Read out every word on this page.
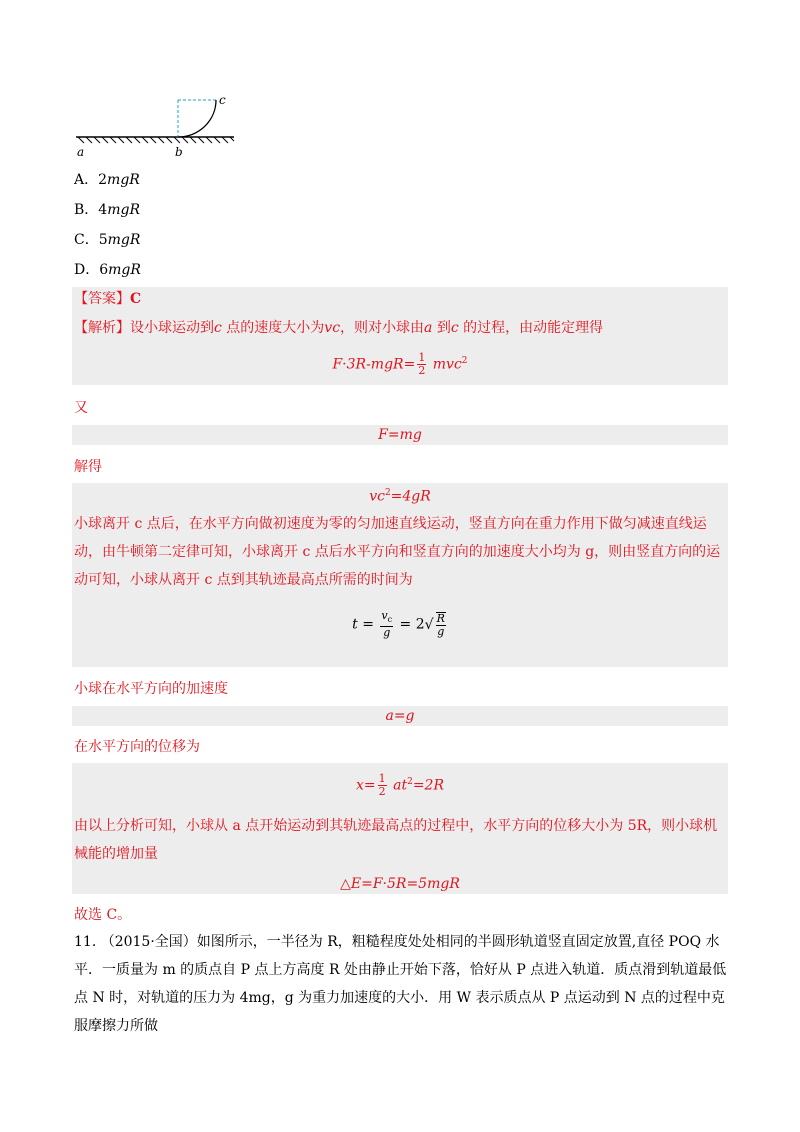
a	b
c
A．2mgR
B．4mgR
C．5mgR
D．6mgR
【答案】C
【解析】设小球运动到c 点的速度大小为vc，则对小球由a 到c 的过程，由动能定理得
$F\cdot 3R-mgR= \frac{1}{2} mvc^2$
又
F=mg
解得
$vc^2=4gR$
小球离开 c 点后，在水平方向做初速度为零的匀加速直线运动，竖直方向在重力作用下做匀减速直线运动，由牛顿第二定律可知，小球离开 c 点后水平方向和竖直方向的加速度大小均为 g，则由竖直方向的运动可知，小球从离开 c 点到其轨迹最高点所需的时间为
$t = \frac{v_c}{g} = 2√ \frac{R}{g}$
小球在水平方向的加速度
a=g
在水平方向的位移为
$x= \frac{1}{2} at^2=2R$
由以上分析可知，小球从 a 点开始运动到其轨迹最高点的过程中，水平方向的位移大小为 5R，则小球机械能的增加量
△E=F·5R=5mgR
故选 C。
11. （2015·全国）如图所示，一半径为 R，粗糙程度处处相同的半圆形轨道竖直固定放置,直径 POQ 水平．一质量为 m 的质点自 P 点上方高度 R 处由静止开始下落，恰好从 P 点进入轨道．质点滑到轨道最低点 N 时，对轨道的压力为 4mg，g 为重力加速度的大小．用 W 表示质点从 P 点运动到 N 点的过程中克服摩擦力所做
